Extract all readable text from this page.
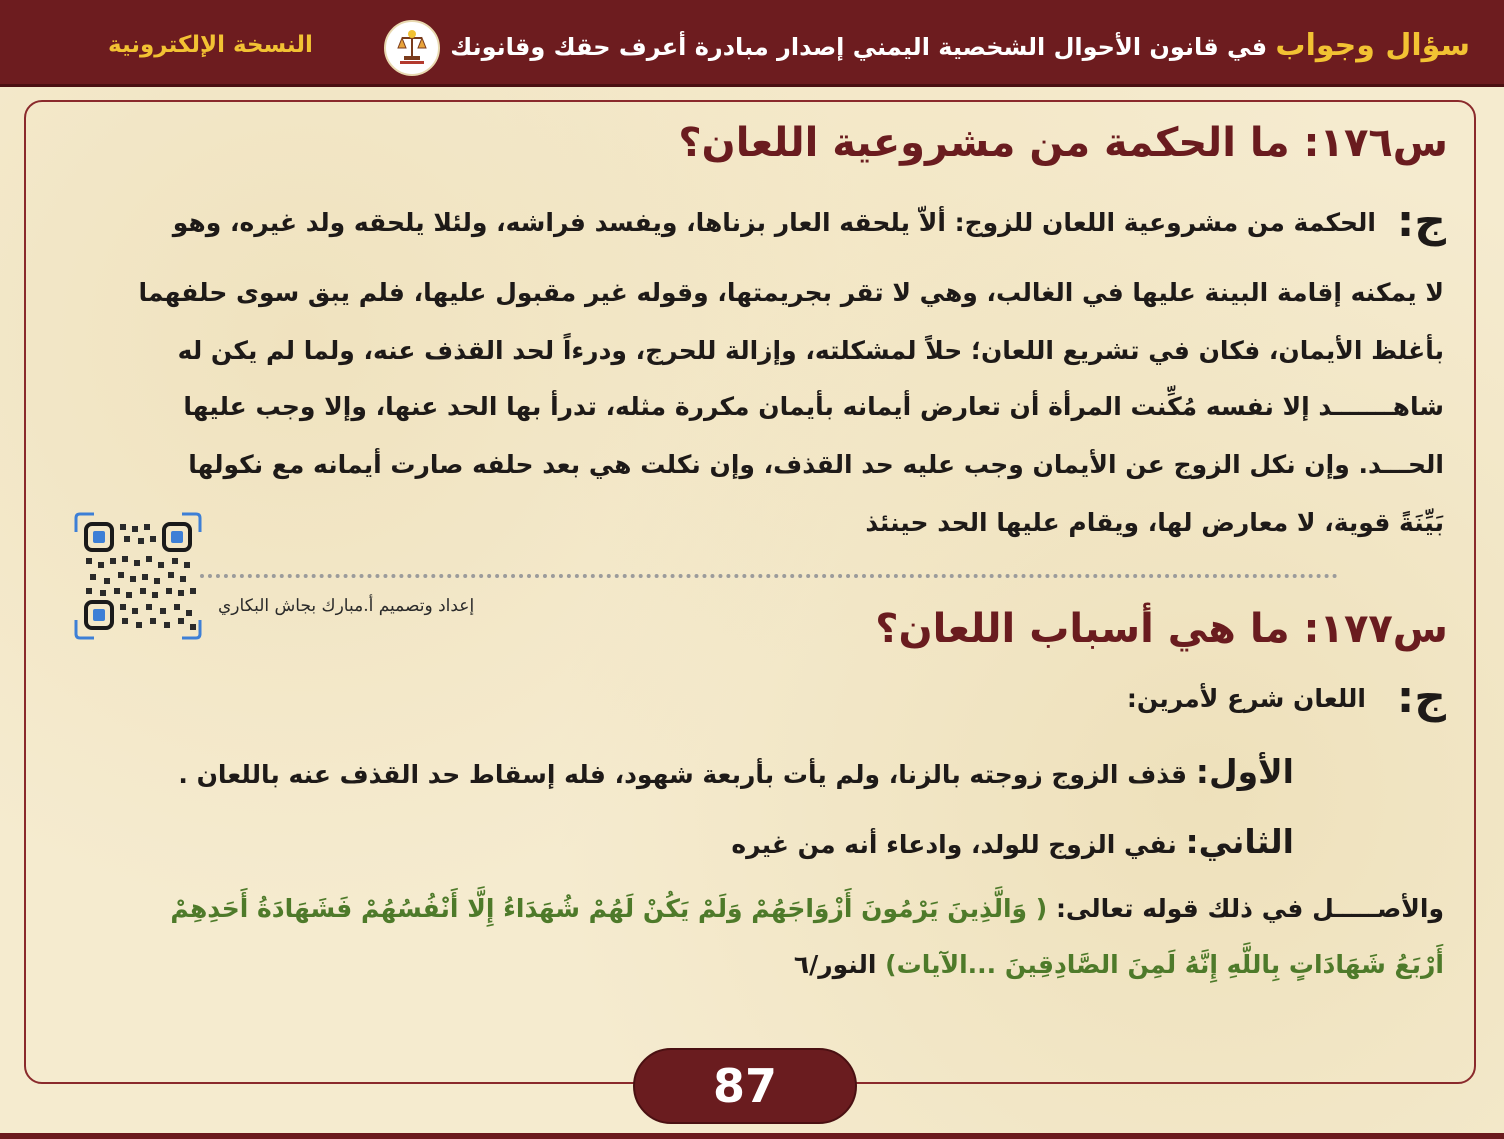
سؤال وجواب في قانون الأحوال الشخصية اليمني إصدار مبادرة أعرف حقك وقانونك
النسخة الإلكترونية
س١٧٦: ما الحكمة من مشروعية اللعان؟
ج:
الحكمة من مشروعية اللعان للزوج: ألاّ يلحقه العار بزناها، ويفسد فراشه، ولئلا يلحقه ولد غيره، وهو
لا يمكنه إقامة البينة عليها في الغالب، وهي لا تقر بجريمتها، وقوله غير مقبول عليها، فلم يبق سوى حلفهما
بأغلظ الأيمان، فكان في تشريع اللعان؛ حلاً لمشكلته، وإزالة للحرج، ودرءاً لحد القذف عنه، ولما لم يكن له
شاهـــــــد إلا نفسه مُكِّنت المرأة أن تعارض أيمانه بأيمان مكررة مثله، تدرأ بها الحد عنها، وإلا وجب عليها
الحـــد. وإن نكل الزوج عن الأيمان وجب عليه حد القذف، وإن نكلت هي بعد حلفه صارت أيمانه مع نكولها
بَيِّنَةً قوية، لا معارض لها، ويقام عليها الحد حينئذ
إعداد وتصميم أ.مبارك بجاش البكاري	س١٧٧: ما هي أسباب اللعان؟
ج:
اللعان شرع لأمرين:
الأول: قذف الزوج زوجته بالزنا، ولم يأت بأربعة شهود، فله إسقاط حد القذف عنه باللعان .
الثاني: نفي الزوج للولد، وادعاء أنه من غيره
والأصـــــل في ذلك قوله تعالى: ( وَالَّذِينَ يَرْمُونَ أَزْوَاجَهُمْ وَلَمْ يَكُنْ لَهُمْ شُهَدَاءُ إِلَّا أَنْفُسُهُمْ فَشَهَادَةُ أَحَدِهِمْ
أَرْبَعُ شَهَادَاتٍ بِاللَّهِ إِنَّهُ لَمِنَ الصَّادِقِينَ ...الآيات) النور/٦
87
